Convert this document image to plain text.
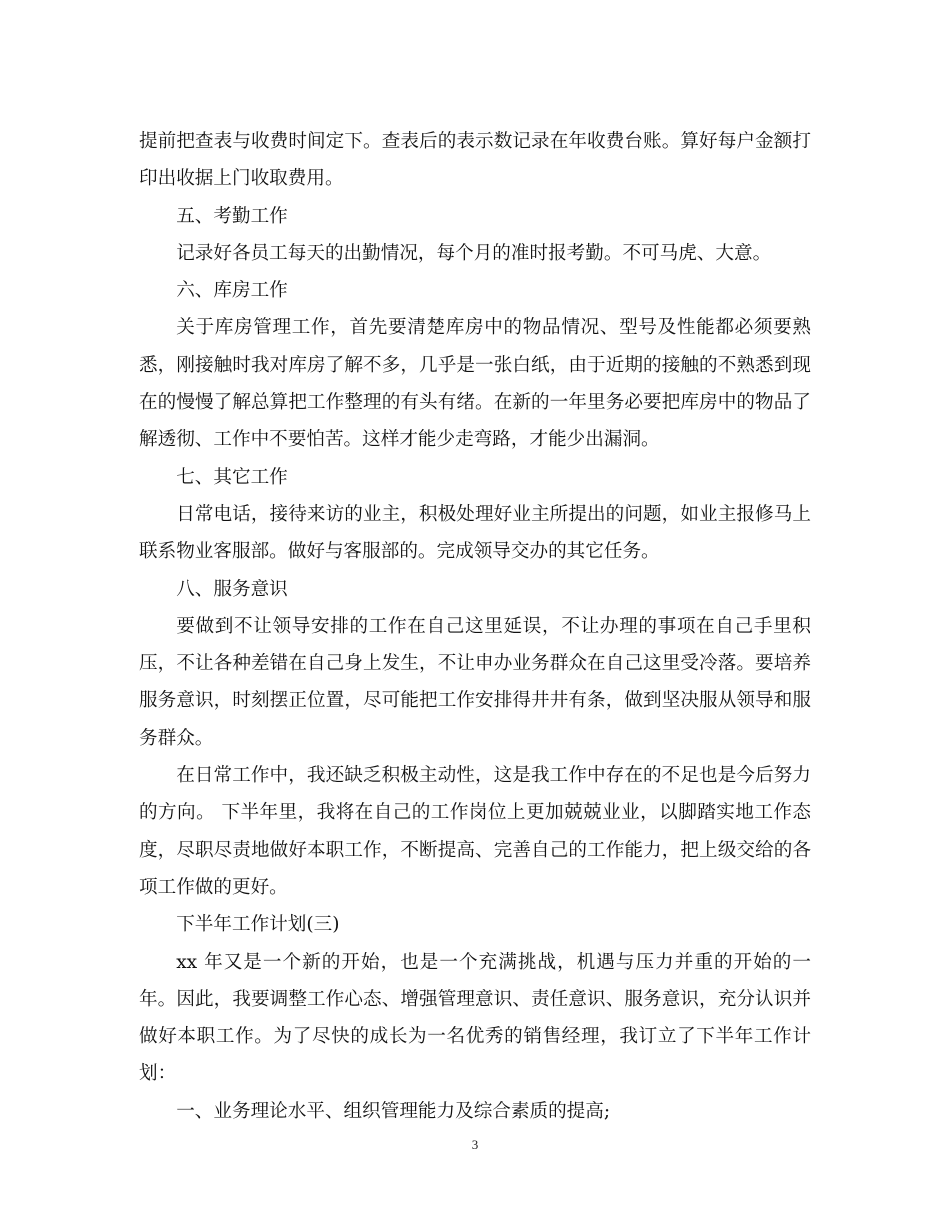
提前把查表与收费时间定下。查表后的表示数记录在年收费台账。算好每户金额打印出收据上门收取费用。

五、考勤工作

记录好各员工每天的出勤情况，每个月的准时报考勤。不可马虎、大意。

六、库房工作

关于库房管理工作，首先要清楚库房中的物品情况、型号及性能都必须要熟悉，刚接触时我对库房了解不多，几乎是一张白纸，由于近期的接触的不熟悉到现在的慢慢了解总算把工作整理的有头有绪。在新的一年里务必要把库房中的物品了解透彻、工作中不要怕苦。这样才能少走弯路，才能少出漏洞。

七、其它工作

日常电话，接待来访的业主，积极处理好业主所提出的问题，如业主报修马上联系物业客服部。做好与客服部的。完成领导交办的其它任务。

八、服务意识

要做到不让领导安排的工作在自己这里延误，不让办理的事项在自己手里积压，不让各种差错在自己身上发生，不让申办业务群众在自己这里受冷落。要培养服务意识，时刻摆正位置，尽可能把工作安排得井井有条，做到坚决服从领导和服务群众。

在日常工作中，我还缺乏积极主动性，这是我工作中存在的不足也是今后努力的方向。 下半年里，我将在自己的工作岗位上更加兢兢业业，以脚踏实地工作态度，尽职尽责地做好本职工作，不断提高、完善自己的工作能力，把上级交给的各项工作做的更好。

下半年工作计划(三)

xx 年又是一个新的开始，也是一个充满挑战，机遇与压力并重的开始的一年。因此，我要调整工作心态、增强管理意识、责任意识、服务意识，充分认识并做好本职工作。为了尽快的成长为一名优秀的销售经理，我订立了下半年工作计划：

一、业务理论水平、组织管理能力及综合素质的提高;

3
